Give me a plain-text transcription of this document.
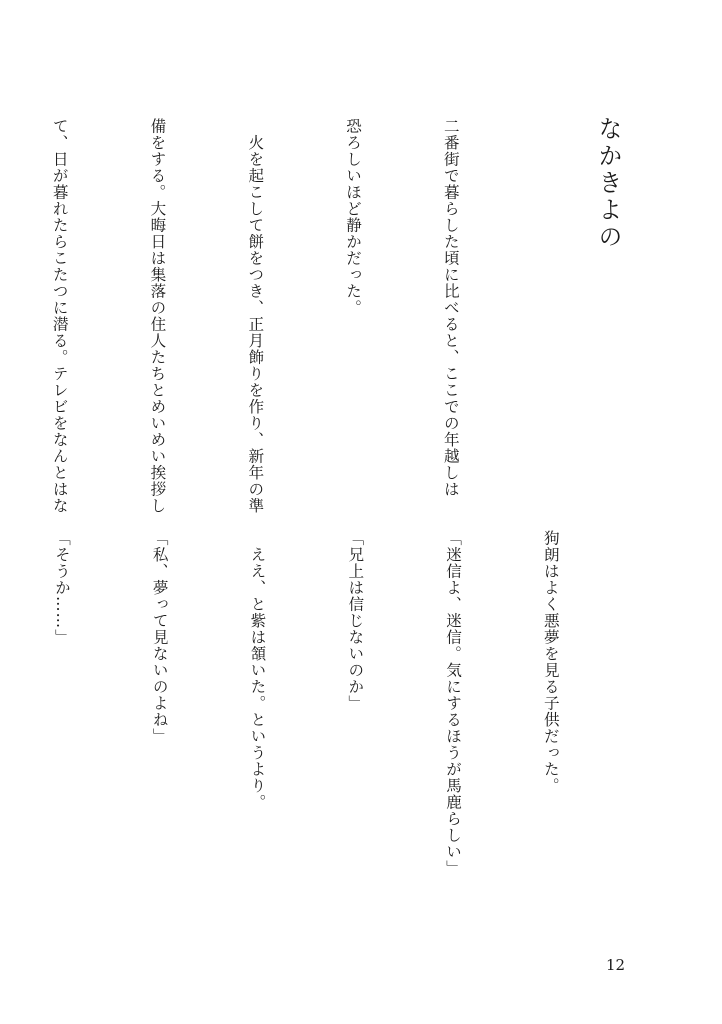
なかきよの

二番街で暮らした頃に比べると、ここでの年越しは

恐ろしいほど静かだった。

　火を起こして餅をつき、正月飾りを作り、新年の準

備をする。大晦日は集落の住人たちとめいめい挨拶し

て、日が暮れたらこたつに潜る。テレビをなんとはな

狗朗はよく悪夢を見る子供だった。

「迷信よ、迷信。気にするほうが馬鹿らしい」

「兄上は信じないのか」

　ええ、と紫は頷いた。というより。

「私、夢って見ないのよね」

「そうか……」

12
